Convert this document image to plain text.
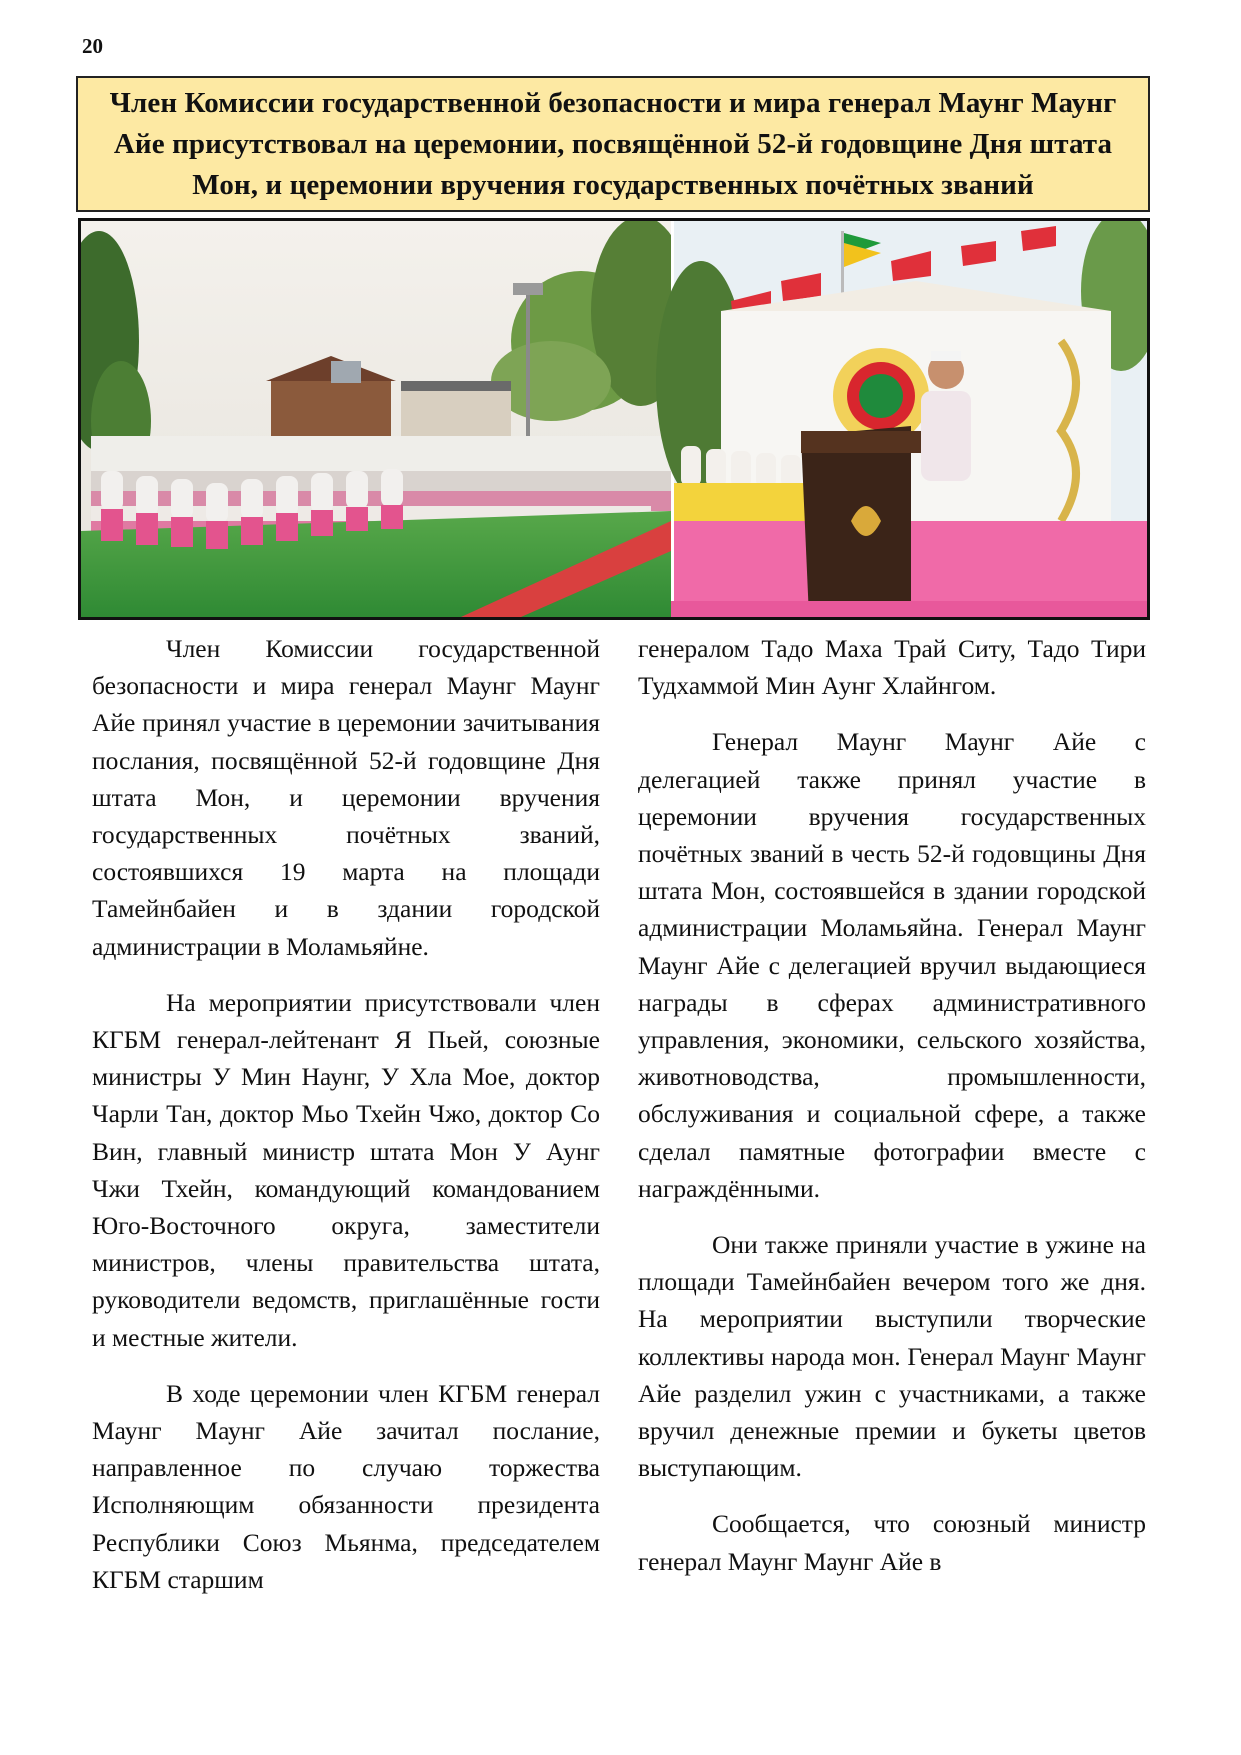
20
Член Комиссии государственной безопасности и мира генерал Маунг Маунг Айе присутствовал на церемонии, посвящённой 52-й годовщине Дня штата Мон, и церемонии вручения государственных почётных званий

Член Комиссии государственной безопасности и мира генерал Маунг Маунг Айе принял участие в церемонии зачитывания послания, посвящённой 52-й годовщине Дня штата Мон, и церемонии вручения государственных почётных званий, состоявшихся 19 марта на площади Тамейнбайен и в здании городской администрации в Моламьяйне.

На мероприятии присутствовали член КГБМ генерал-лейтенант Я Пьей, союзные министры У Мин Наунг, У Хла Мое, доктор Чарли Тан, доктор Мьо Тхейн Чжо, доктор Со Вин, главный министр штата Мон У Аунг Чжи Тхейн, командующий командованием Юго-Восточного округа, заместители министров, члены правительства штата, руководители ведомств, приглашённые гости и местные жители.

В ходе церемонии член КГБМ генерал Маунг Маунг Айе зачитал послание, направленное по случаю торжества Исполняющим обязанности президента Республики Союз Мьянма, председателем КГБМ старшим

генералом Тадо Маха Трай Ситу, Тадо Тири Тудхаммой Мин Аунг Хлайнгом.

Генерал Маунг Маунг Айе с делегацией также принял участие в церемонии вручения государственных почётных званий в честь 52-й годовщины Дня штата Мон, состоявшейся в здании городской администрации Моламьяйна. Генерал Маунг Маунг Айе с делегацией вручил выдающиеся награды в сферах административного управления, экономики, сельского хозяйства, животноводства, промышленности, обслуживания и социальной сфере, а также сделал памятные фотографии вместе с награждёнными.

Они также приняли участие в ужине на площади Тамейнбайен вечером того же дня. На мероприятии выступили творческие коллективы народа мон. Генерал Маунг Маунг Айе разделил ужин с участниками, а также вручил денежные премии и букеты цветов выступающим.

Сообщается, что союзный министр генерал Маунг Маунг Айе в
